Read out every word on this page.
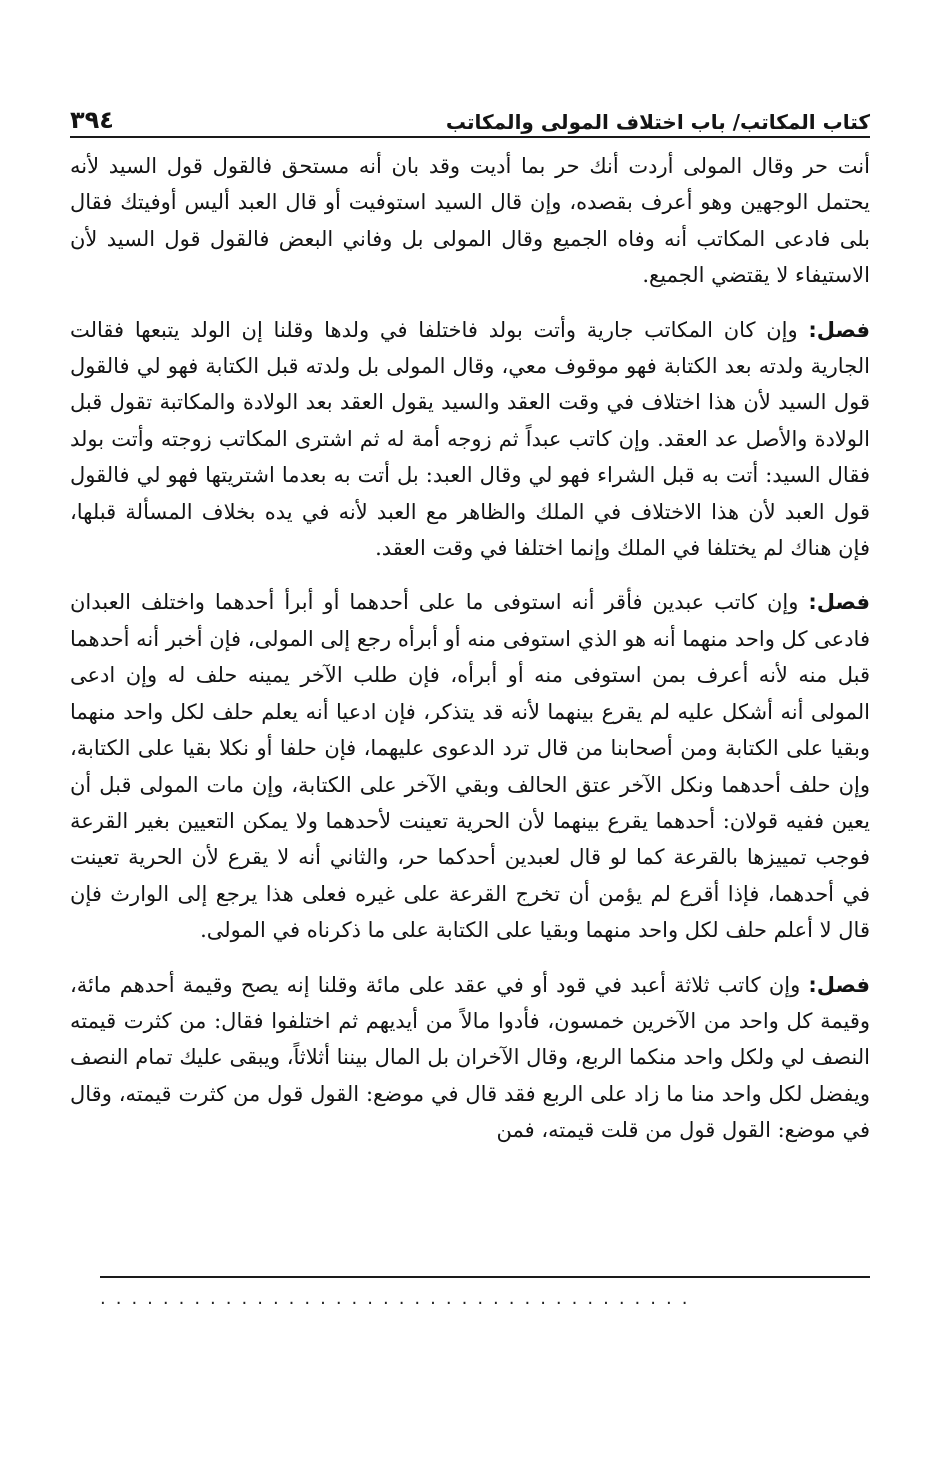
كتاب المكاتب/ باب اختلاف المولى والمكاتب
٣٩٤

أنت حر وقال المولى أردت أنك حر بما أديت وقد بان أنه مستحق فالقول قول السيد لأنه يحتمل الوجهين وهو أعرف بقصده، وإن قال السيد استوفيت أو قال العبد أليس أوفيتك فقال بلى فادعى المكاتب أنه وفاه الجميع وقال المولى بل وفاني البعض فالقول قول السيد لأن الاستيفاء لا يقتضي الجميع.

فصل: وإن كان المكاتب جارية وأتت بولد فاختلفا في ولدها وقلنا إن الولد يتبعها فقالت الجارية ولدته بعد الكتابة فهو موقوف معي، وقال المولى بل ولدته قبل الكتابة فهو لي فالقول قول السيد لأن هذا اختلاف في وقت العقد والسيد يقول العقد بعد الولادة والمكاتبة تقول قبل الولادة والأصل عد العقد. وإن كاتب عبداً ثم زوجه أمة له ثم اشترى المكاتب زوجته وأتت بولد فقال السيد: أتت به قبل الشراء فهو لي وقال العبد: بل أتت به بعدما اشتريتها فهو لي فالقول قول العبد لأن هذا الاختلاف في الملك والظاهر مع العبد لأنه في يده بخلاف المسألة قبلها، فإن هناك لم يختلفا في الملك وإنما اختلفا في وقت العقد.

فصل: وإن كاتب عبدين فأقر أنه استوفى ما على أحدهما أو أبرأ أحدهما واختلف العبدان فادعى كل واحد منهما أنه هو الذي استوفى منه أو أبرأه رجع إلى المولى، فإن أخبر أنه أحدهما قبل منه لأنه أعرف بمن استوفى منه أو أبرأه، فإن طلب الآخر يمينه حلف له وإن ادعى المولى أنه أشكل عليه لم يقرع بينهما لأنه قد يتذكر، فإن ادعيا أنه يعلم حلف لكل واحد منهما وبقيا على الكتابة ومن أصحابنا من قال ترد الدعوى عليهما، فإن حلفا أو نكلا بقيا على الكتابة، وإن حلف أحدهما ونكل الآخر عتق الحالف وبقي الآخر على الكتابة، وإن مات المولى قبل أن يعين ففيه قولان: أحدهما يقرع بينهما لأن الحرية تعينت لأحدهما ولا يمكن التعيين بغير القرعة فوجب تمييزها بالقرعة كما لو قال لعبدين أحدكما حر، والثاني أنه لا يقرع لأن الحرية تعينت في أحدهما، فإذا أقرع لم يؤمن أن تخرج القرعة على غيره فعلى هذا يرجع إلى الوارث فإن قال لا أعلم حلف لكل واحد منهما وبقيا على الكتابة على ما ذكرناه في المولى.

فصل: وإن كاتب ثلاثة أعبد في قود أو في عقد على مائة وقلنا إنه يصح وقيمة أحدهم مائة، وقيمة كل واحد من الآخرين خمسون، فأدوا مالاً من أيديهم ثم اختلفوا فقال: من كثرت قيمته النصف لي ولكل واحد منكما الربع، وقال الآخران بل المال بيننا أثلاثاً، ويبقى عليك تمام النصف ويفضل لكل واحد منا ما زاد على الربع فقد قال في موضع: القول قول من كثرت قيمته، وقال في موضع: القول قول من قلت قيمته، فمن

......................................
